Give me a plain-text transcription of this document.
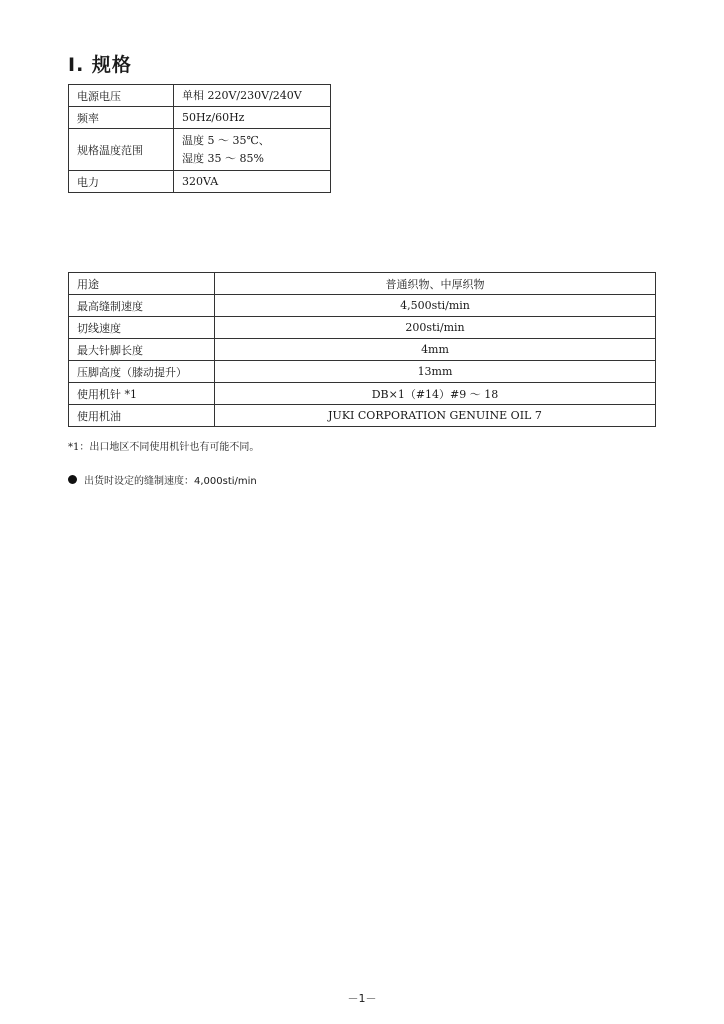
I. 规格
电源电压	单相 220V/230V/240V

频率	50Hz/60Hz

规格温度范围	温度 5 ～ 35℃、
湿度 35 ～ 85%

电力	320VA
用途	普通织物、中厚织物
最高缝制速度	4,500sti/min
切线速度	200sti/min
最大针脚长度	4mm
压脚高度（膝动提升）	13mm
使用机针 *1	DB×1（#14）#9 ～ 18
使用机油	JUKI CORPORATION GENUINE OIL 7
*1：出口地区不同使用机针也有可能不同。
出货时设定的缝制速度：4,000sti/min
－1－
